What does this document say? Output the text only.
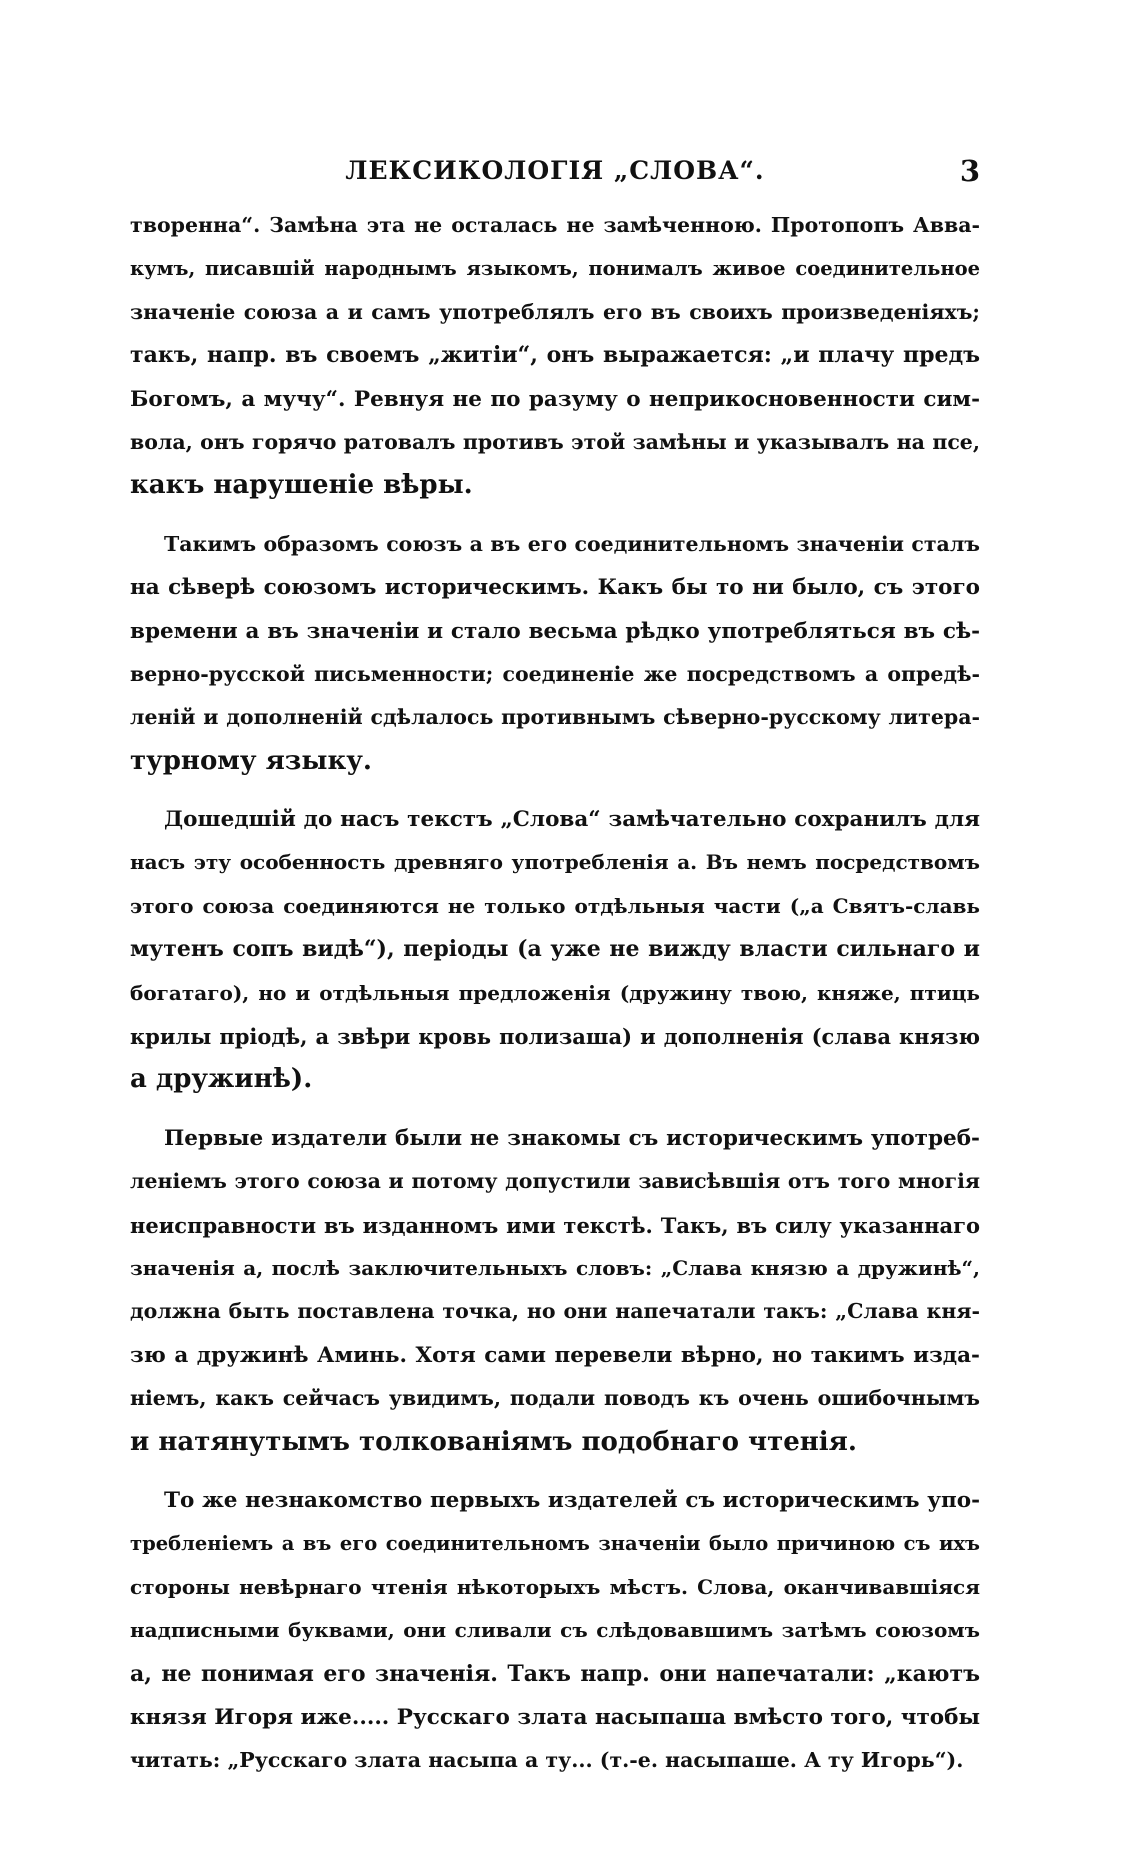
ЛЕКСИКОЛОГІЯ „СЛОВА“.	3
творенна“. Замѣна эта не осталась не замѣченною. Протопопъ Авва-
кумъ, писавшій народнымъ языкомъ, понималъ живое соединительное
значеніе союза а и самъ употреблялъ его въ своихъ произведеніяхъ;
такъ, напр. въ своемъ „житіи“, онъ выражается: „и плачу предъ
Богомъ, а мучу“. Ревнуя не по разуму о неприкосновенности сим-
вола, онъ горячо ратовалъ противъ этой замѣны и указывалъ на псе,
какъ нарушеніе вѣры.
Такимъ образомъ союзъ а въ его соединительномъ значеніи сталъ
на сѣверѣ союзомъ историческимъ. Какъ бы то ни было, съ этого
времени а въ значеніи и стало весьма рѣдко употребляться въ сѣ-
верно-русской письменности; соединеніе же посредствомъ а опредѣ-
леній и дополненій сдѣлалось противнымъ сѣверно-русскому литера-
турному языку.
Дошедшій до насъ текстъ „Слова“ замѣчательно сохранилъ для
насъ эту особенность древняго употребленія а. Въ немъ посредствомъ
этого союза соединяются не только отдѣльныя части („а Святъ-славь
мутенъ сопъ видѣ“), періоды (а уже не вижду власти сильнаго и
богатаго), но и отдѣльныя предложенія (дружину твою, княже, птиць
крилы пріодѣ, а звѣри кровь полизаша) и дополненія (слава князю
а дружинѣ).
Первые издатели были не знакомы съ историческимъ употреб-
леніемъ этого союза и потому допустили зависѣвшія отъ того многія
неисправности въ изданномъ ими текстѣ. Такъ, въ силу указаннаго
значенія а, послѣ заключительныхъ словъ: „Слава князю а дружинѣ“,
должна быть поставлена точка, но они напечатали такъ: „Слава кня-
зю а дружинѣ Аминь. Хотя сами перевели вѣрно, но такимъ изда-
ніемъ, какъ сейчасъ увидимъ, подали поводъ къ очень ошибочнымъ
и натянутымъ толкованіямъ подобнаго чтенія.
То же незнакомство первыхъ издателей съ историческимъ упо-
требленіемъ а въ его соединительномъ значеніи было причиною съ ихъ
стороны невѣрнаго чтенія нѣкоторыхъ мѣстъ. Слова, оканчивавшіяся
надписными буквами, они сливали съ слѣдовавшимъ затѣмъ союзомъ
а, не понимая его значенія. Такъ напр. они напечатали: „каютъ
князя Игоря иже..... Русскаго злата насыпаша вмѣсто того, чтобы
читать: „Русскаго злата насыпа а ту... (т.-е. насыпаше. А ту Игорь“).
